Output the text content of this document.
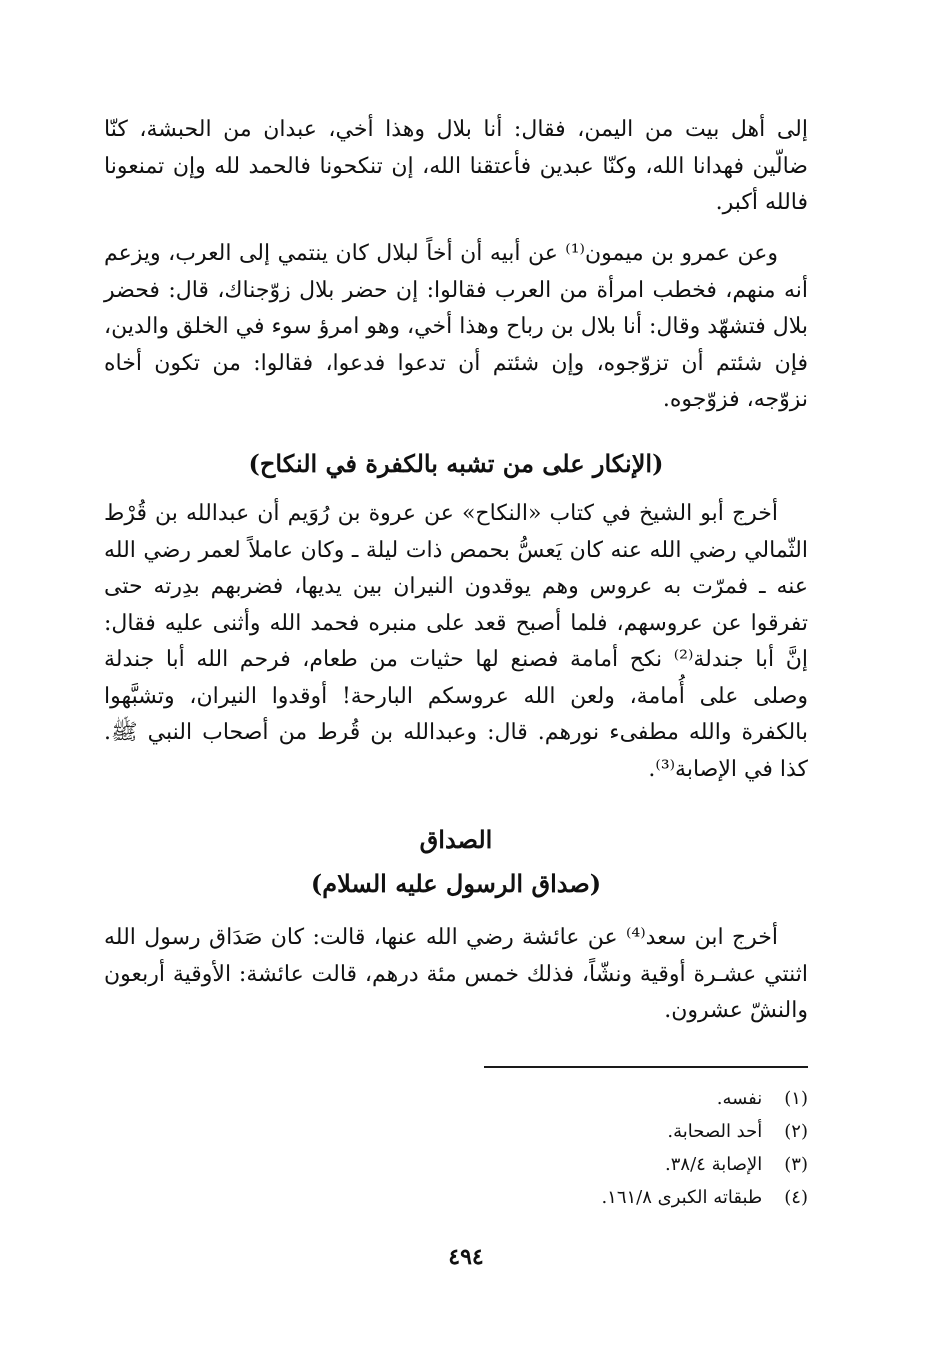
إلى أهل بيت من اليمن، فقال: أنا بلال وهذا أخي، عبدان من الحبشة، كنّا ضالّين فهدانا الله، وكنّا عبدين فأعتقنا الله، إن تنكحونا فالحمد لله وإن تمنعونا فالله أكبر.

وعن عمرو بن ميمون⁽¹⁾ عن أبيه أن أخاً لبلال كان ينتمي إلى العرب، ويزعم أنه منهم، فخطب امرأة من العرب فقالوا: إن حضر بلال زوّجناك، قال: فحضر بلال فتشهّد وقال: أنا بلال بن رباح وهذا أخي، وهو امرؤ سوء في الخلق والدين، فإن شئتم أن تزوّجوه، وإن شئتم أن تدعوا فدعوا، فقالوا: من تكون أخاه نزوّجه، فزوّجوه.

(الإنكار على من تشبه بالكفرة في النكاح)

أخرج أبو الشيخ في كتاب «النكاح» عن عروة بن رُوَيم أن عبدالله بن قُرْط الثّمالي رضي الله عنه كان يَعسُّ بحمص ذات ليلة ـ وكان عاملاً لعمر رضي الله عنه ـ فمرّت به عروس وهم يوقدون النيران بين يديها، فضربهم بدِرته حتى تفرقوا عن عروسهم، فلما أصبح قعد على منبره فحمد الله وأثنى عليه فقال: إنَّ أبا جندلة⁽²⁾ نكح أمامة فصنع لها حثيات من طعام، فرحم الله أبا جندلة وصلى على أُمامة، ولعن الله عروسكم البارحة! أوقدوا النيران، وتشبَّهوا بالكفرة والله مطفىء نورهم. قال: وعبدالله بن قُرط من أصحاب النبي ﷺ. كذا في الإصابة⁽³⁾.

الصداق
(صداق الرسول عليه السلام)

أخرج ابن سعد⁽⁴⁾ عن عائشة رضي الله عنها، قالت: كان صَدَاق رسول الله اثنتي عشـرة أوقية ونشّاً، فذلك خمس مئة درهم، قالت عائشة: الأوقية أربعون والنشّ عشرون.

(١) نفسه.
(٢) أحد الصحابة.
(٣) الإصابة ٣٨/٤.
(٤) طبقاته الكبرى ١٦١/٨.
٤٩٤
